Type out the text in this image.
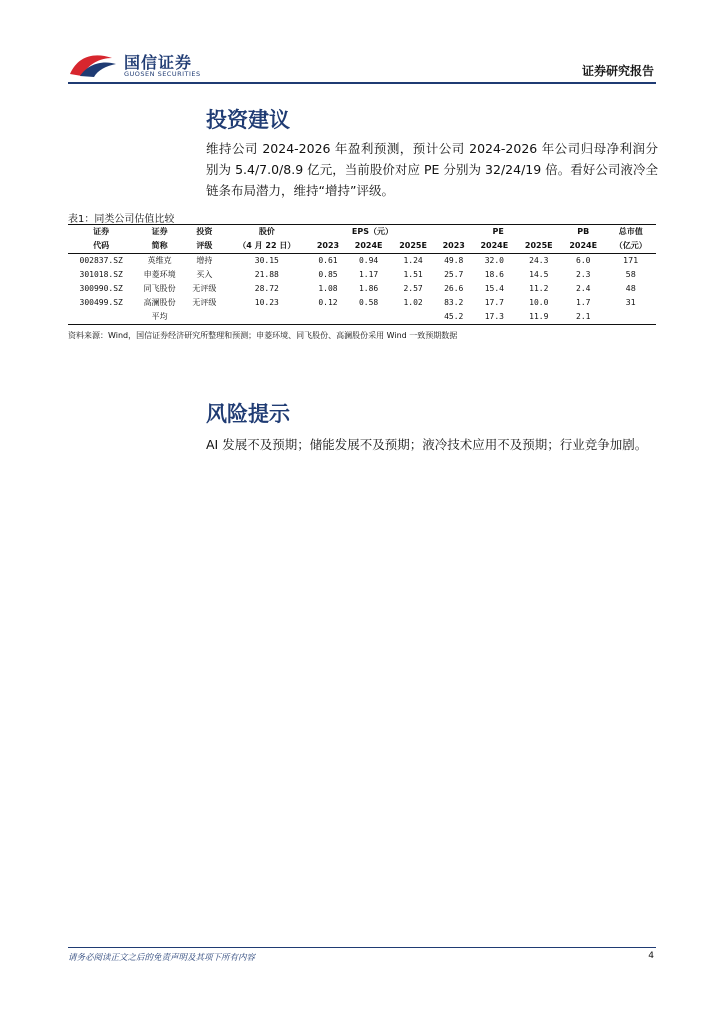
国信证券
GUOSEN SECURITIES	证券研究报告
投资建议
维持公司 2024-2026 年盈利预测，预计公司 2024-2026 年公司归母净利润分别为 5.4/7.0/8.9 亿元，当前股价对应 PE 分别为 32/24/19 倍。看好公司液冷全链条布局潜力，维持“增持”评级。
表1：同类公司估值比较
证券	证券	投资	股价	EPS（元）			PE			PB	总市值
代码	简称	评级	（4 月 22 日）	2023	2024E	2025E	2023	2024E	2025E	2024E	（亿元）
002837.SZ	英维克	增持	30.15	0.61	0.94	1.24	49.8	32.0	24.3	6.0	171
301018.SZ	申菱环境	买入	21.88	0.85	1.17	1.51	25.7	18.6	14.5	2.3	58
300990.SZ	同飞股份	无评级	28.72	1.08	1.86	2.57	26.6	15.4	11.2	2.4	48
300499.SZ	高澜股份	无评级	10.23	0.12	0.58	1.02	83.2	17.7	10.0	1.7	31
	平均						45.2	17.3	11.9	2.1	
资料来源：Wind，国信证券经济研究所整理和预测；申菱环境、同飞股份、高澜股份采用 Wind 一致预期数据
风险提示
AI 发展不及预期；储能发展不及预期；液冷技术应用不及预期；行业竞争加剧。
请务必阅读正文之后的免责声明及其项下所有内容	4
